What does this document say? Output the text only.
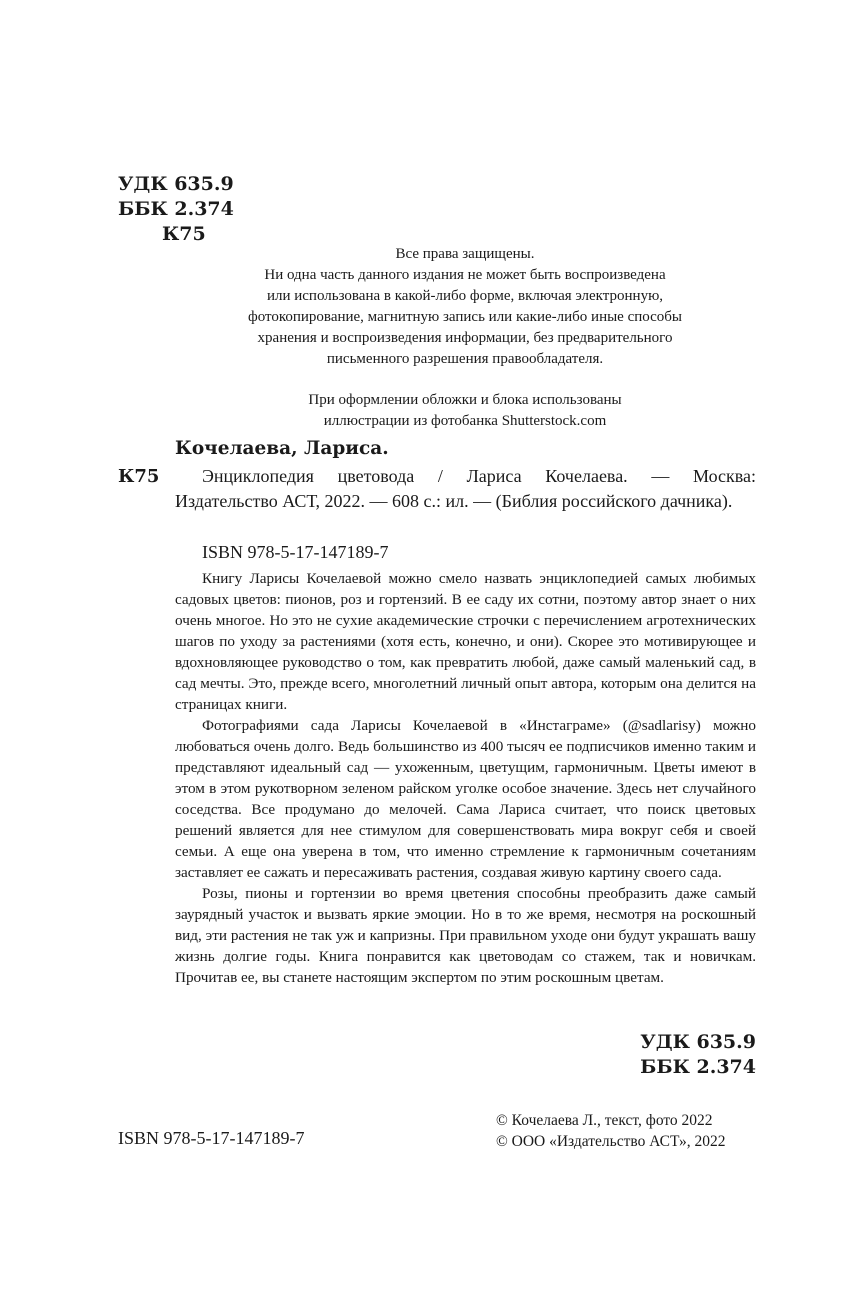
УДК 635.9
ББК 2.374
К75

Все права защищены.

Ни одна часть данного издания не может быть воспроизведена

или использована в какой-либо форме, включая электронную,

фотокопирование, магнитную запись или какие-либо иные способы

хранения и воспроизведения информации, без предварительного

письменного разрешения правообладателя.

При оформлении обложки и блока использованы

иллюстрации из фотобанка Shutterstock.com

Кочелаева, Лариса.
К75	Энциклопедия цветовода / Лариса Кочелаева. — Москва:
Издательство АСТ, 2022. — 608 с.: ил. — (Библия российского дачника).
ISBN 978-5-17-147189-7

Книгу Ларисы Кочелаевой можно смело назвать энциклопедией самых любимых садовых цветов: пионов, роз и гортензий. В ее саду их сотни, поэтому автор знает о них очень многое. Но это не сухие академические строчки с перечислением агротехнических шагов по уходу за растениями (хотя есть, конечно, и они). Скорее это мотивирующее и вдохновляющее руководство о том, как превратить любой, даже самый маленький сад, в сад мечты. Это, прежде всего, многолетний личный опыт автора, которым она делится на страницах книги.

Фотографиями сада Ларисы Кочелаевой в «Инстаграме» (@sadlarisy) можно любоваться очень долго. Ведь большинство из 400 тысяч ее подписчиков именно таким и представляют идеальный сад — ухоженным, цветущим, гармоничным. Цветы имеют в этом в этом рукотворном зеленом райском уголке особое значение. Здесь нет случайного соседства. Все продумано до мелочей. Сама Лариса считает, что поиск цветовых решений является для нее стимулом для совершенствовать мира вокруг себя и своей семьи. А еще она уверена в том, что именно стремление к гармоничным сочетаниям заставляет ее сажать и пересаживать растения, создавая живую картину своего сада.

Розы, пионы и гортензии во время цветения способны преобразить даже самый заурядный участок и вызвать яркие эмоции. Но в то же время, несмотря на роскошный вид, эти растения не так уж и капризны. При правильном уходе они будут украшать вашу жизнь долгие годы. Книга понравится как цветоводам со стажем, так и новичкам. Прочитав ее, вы станете настоящим экспертом по этим роскошным цветам.

УДК 635.9
ББК 2.374
ISBN 978-5-17-147189-7
© Кочелаева Л., текст, фото 2022
© ООО «Издательство АСТ», 2022
